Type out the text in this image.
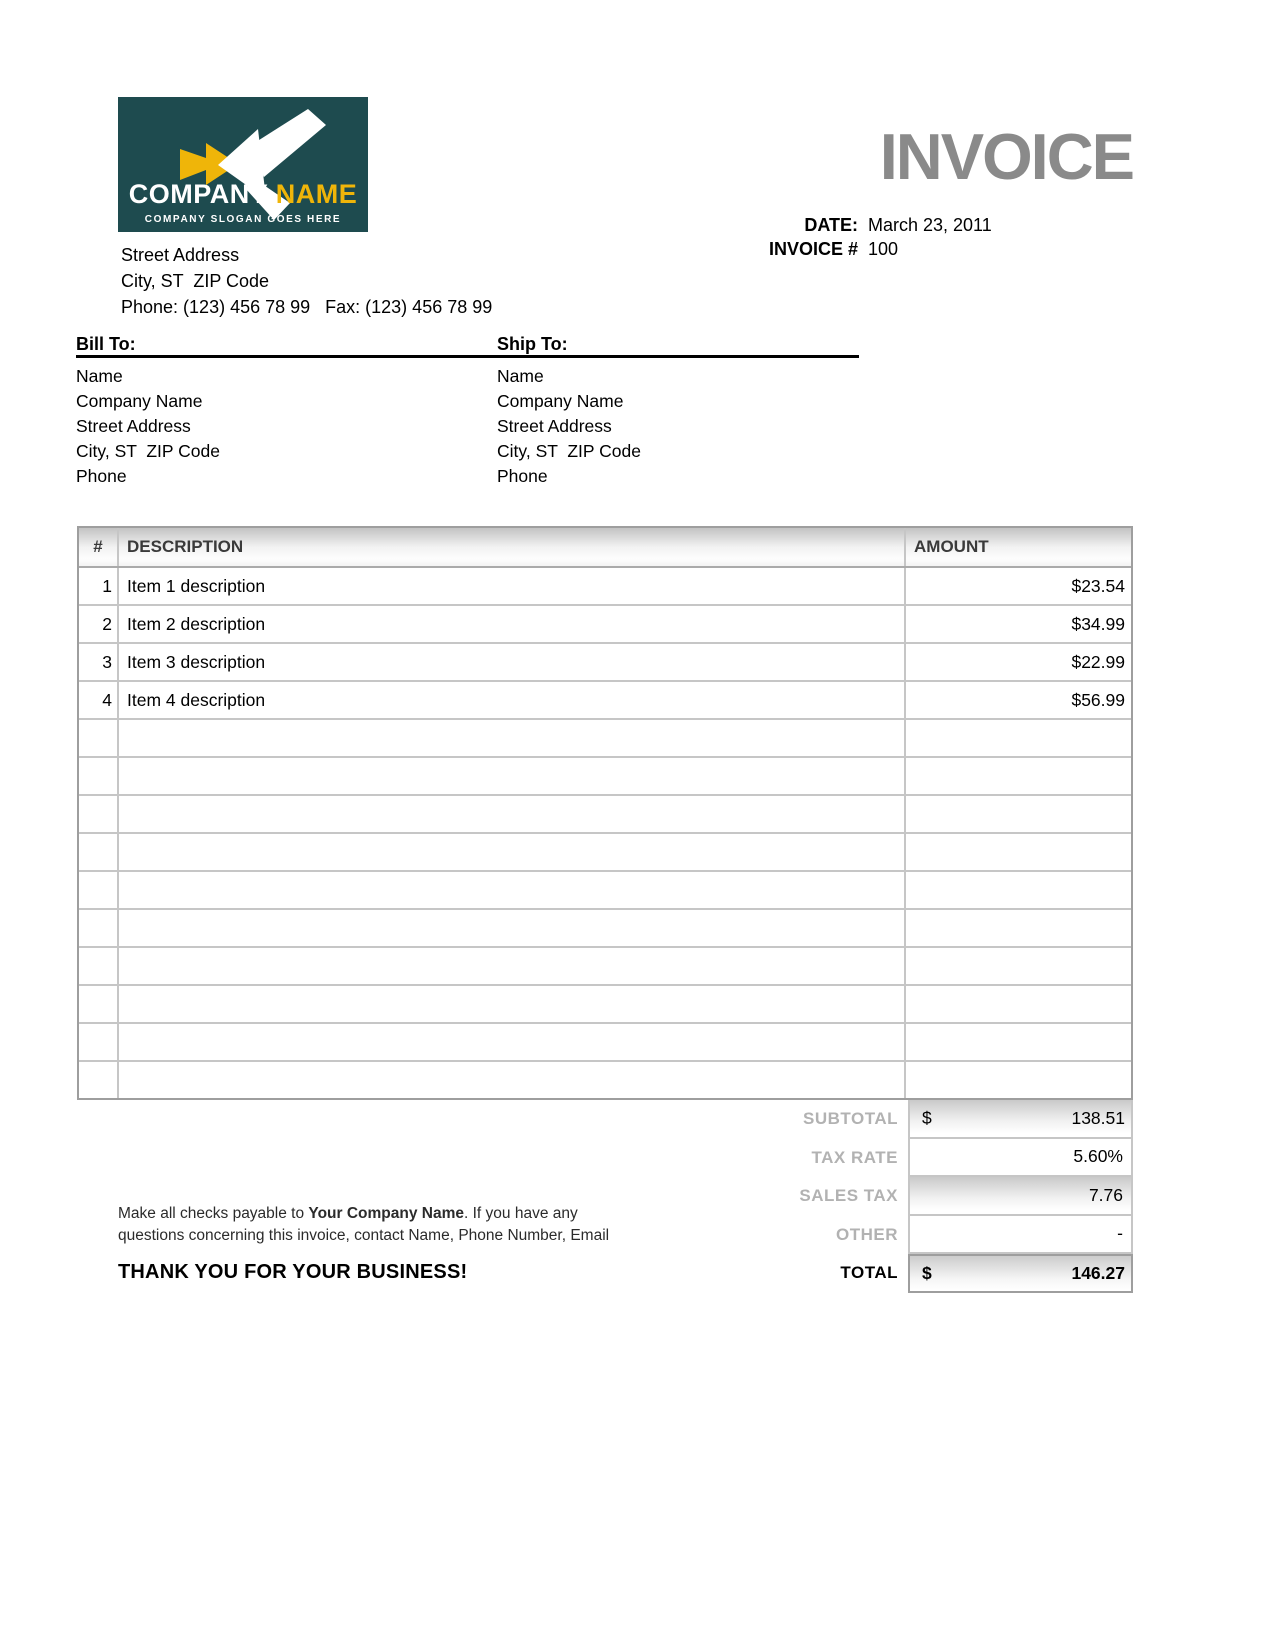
COMPANY NAME
COMPANY SLOGAN GOES HERE
INVOICE
DATE: March 23, 2011
INVOICE # 100
Street Address
City, ST  ZIP Code
Phone: (123) 456 78 99   Fax: (123) 456 78 99
Bill To:
Name
Company Name
Street Address
City, ST  ZIP Code
Phone
Ship To:
Name
Company Name
Street Address
City, ST  ZIP Code
Phone
#	DESCRIPTION	AMOUNT
1 Item 1 description	$23.54
2 Item 2 description	$34.99
3 Item 3 description	$22.99
4 Item 4 description	$56.99
SUBTOTAL	$	138.51
TAX RATE	5.60%
SALES TAX	7.76
OTHER	-
TOTAL	$	146.27
Make all checks payable to Your Company Name. If you have any
questions concerning this invoice, contact Name, Phone Number, Email
THANK YOU FOR YOUR BUSINESS!
